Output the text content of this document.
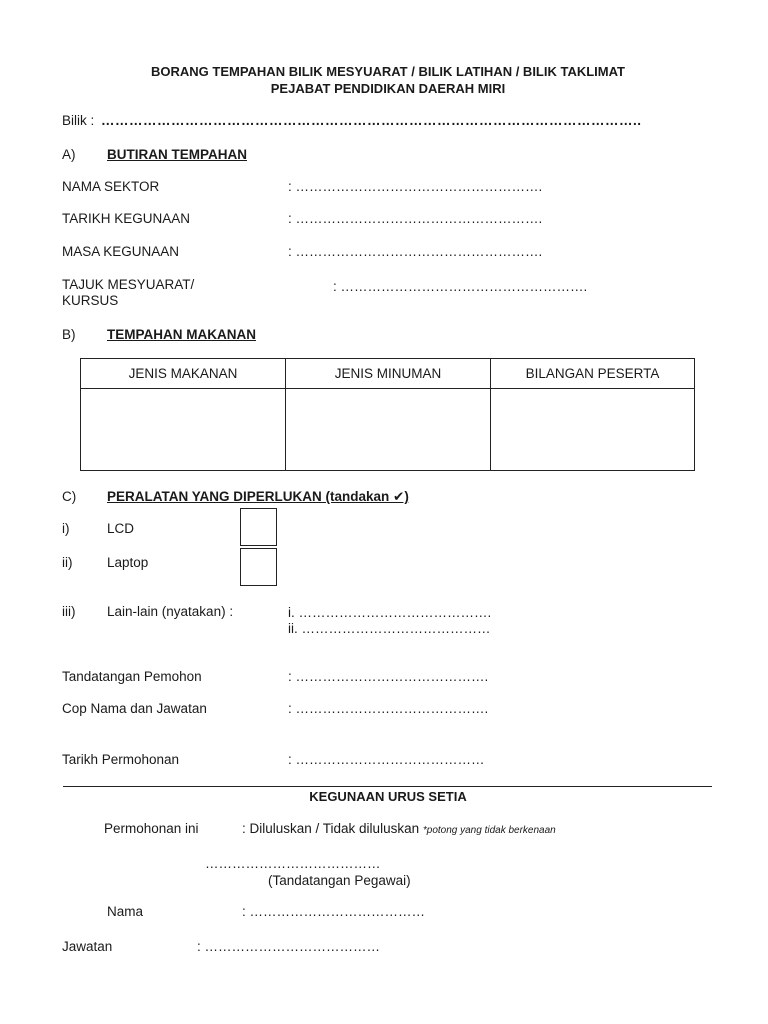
BORANG TEMPAHAN BILIK MESYUARAT / BILIK LATIHAN / BILIK TAKLIMAT
PEJABAT PENDIDIKAN DAERAH MIRI
Bilik : ……………………………………………………………………………………………………..
A) BUTIRAN TEMPAHAN
NAMA SEKTOR	: ……………………………………………….
TARIKH KEGUNAAN	: ……………………………………………….
MASA KEGUNAAN	: ……………………………………………….
TAJUK MESYUARAT/
KURSUS
: ……………………………………………….
B) TEMPAHAN MAKANAN
JENIS MAKANAN	JENIS MINUMAN	BILANGAN PESERTA

C) PERALATAN YANG DIPERLUKAN (tandakan ✔)
i)	LCD
ii)	Laptop
iii) Lain-lain (nyatakan) :	i. …………………………………….
ii. ……………………………………
Tandatangan Pemohon	: …………………………………….
Cop Nama dan Jawatan	: …………………………………….
Tarikh Permohonan	: ……………………………………
KEGUNAAN URUS SETIA
Permohonan ini	: Diluluskan / Tidak diluluskan *potong yang tidak berkenaan
…………………………………
(Tandatangan Pegawai)
Nama	: …………………………………
Jawatan	: …………………………………
